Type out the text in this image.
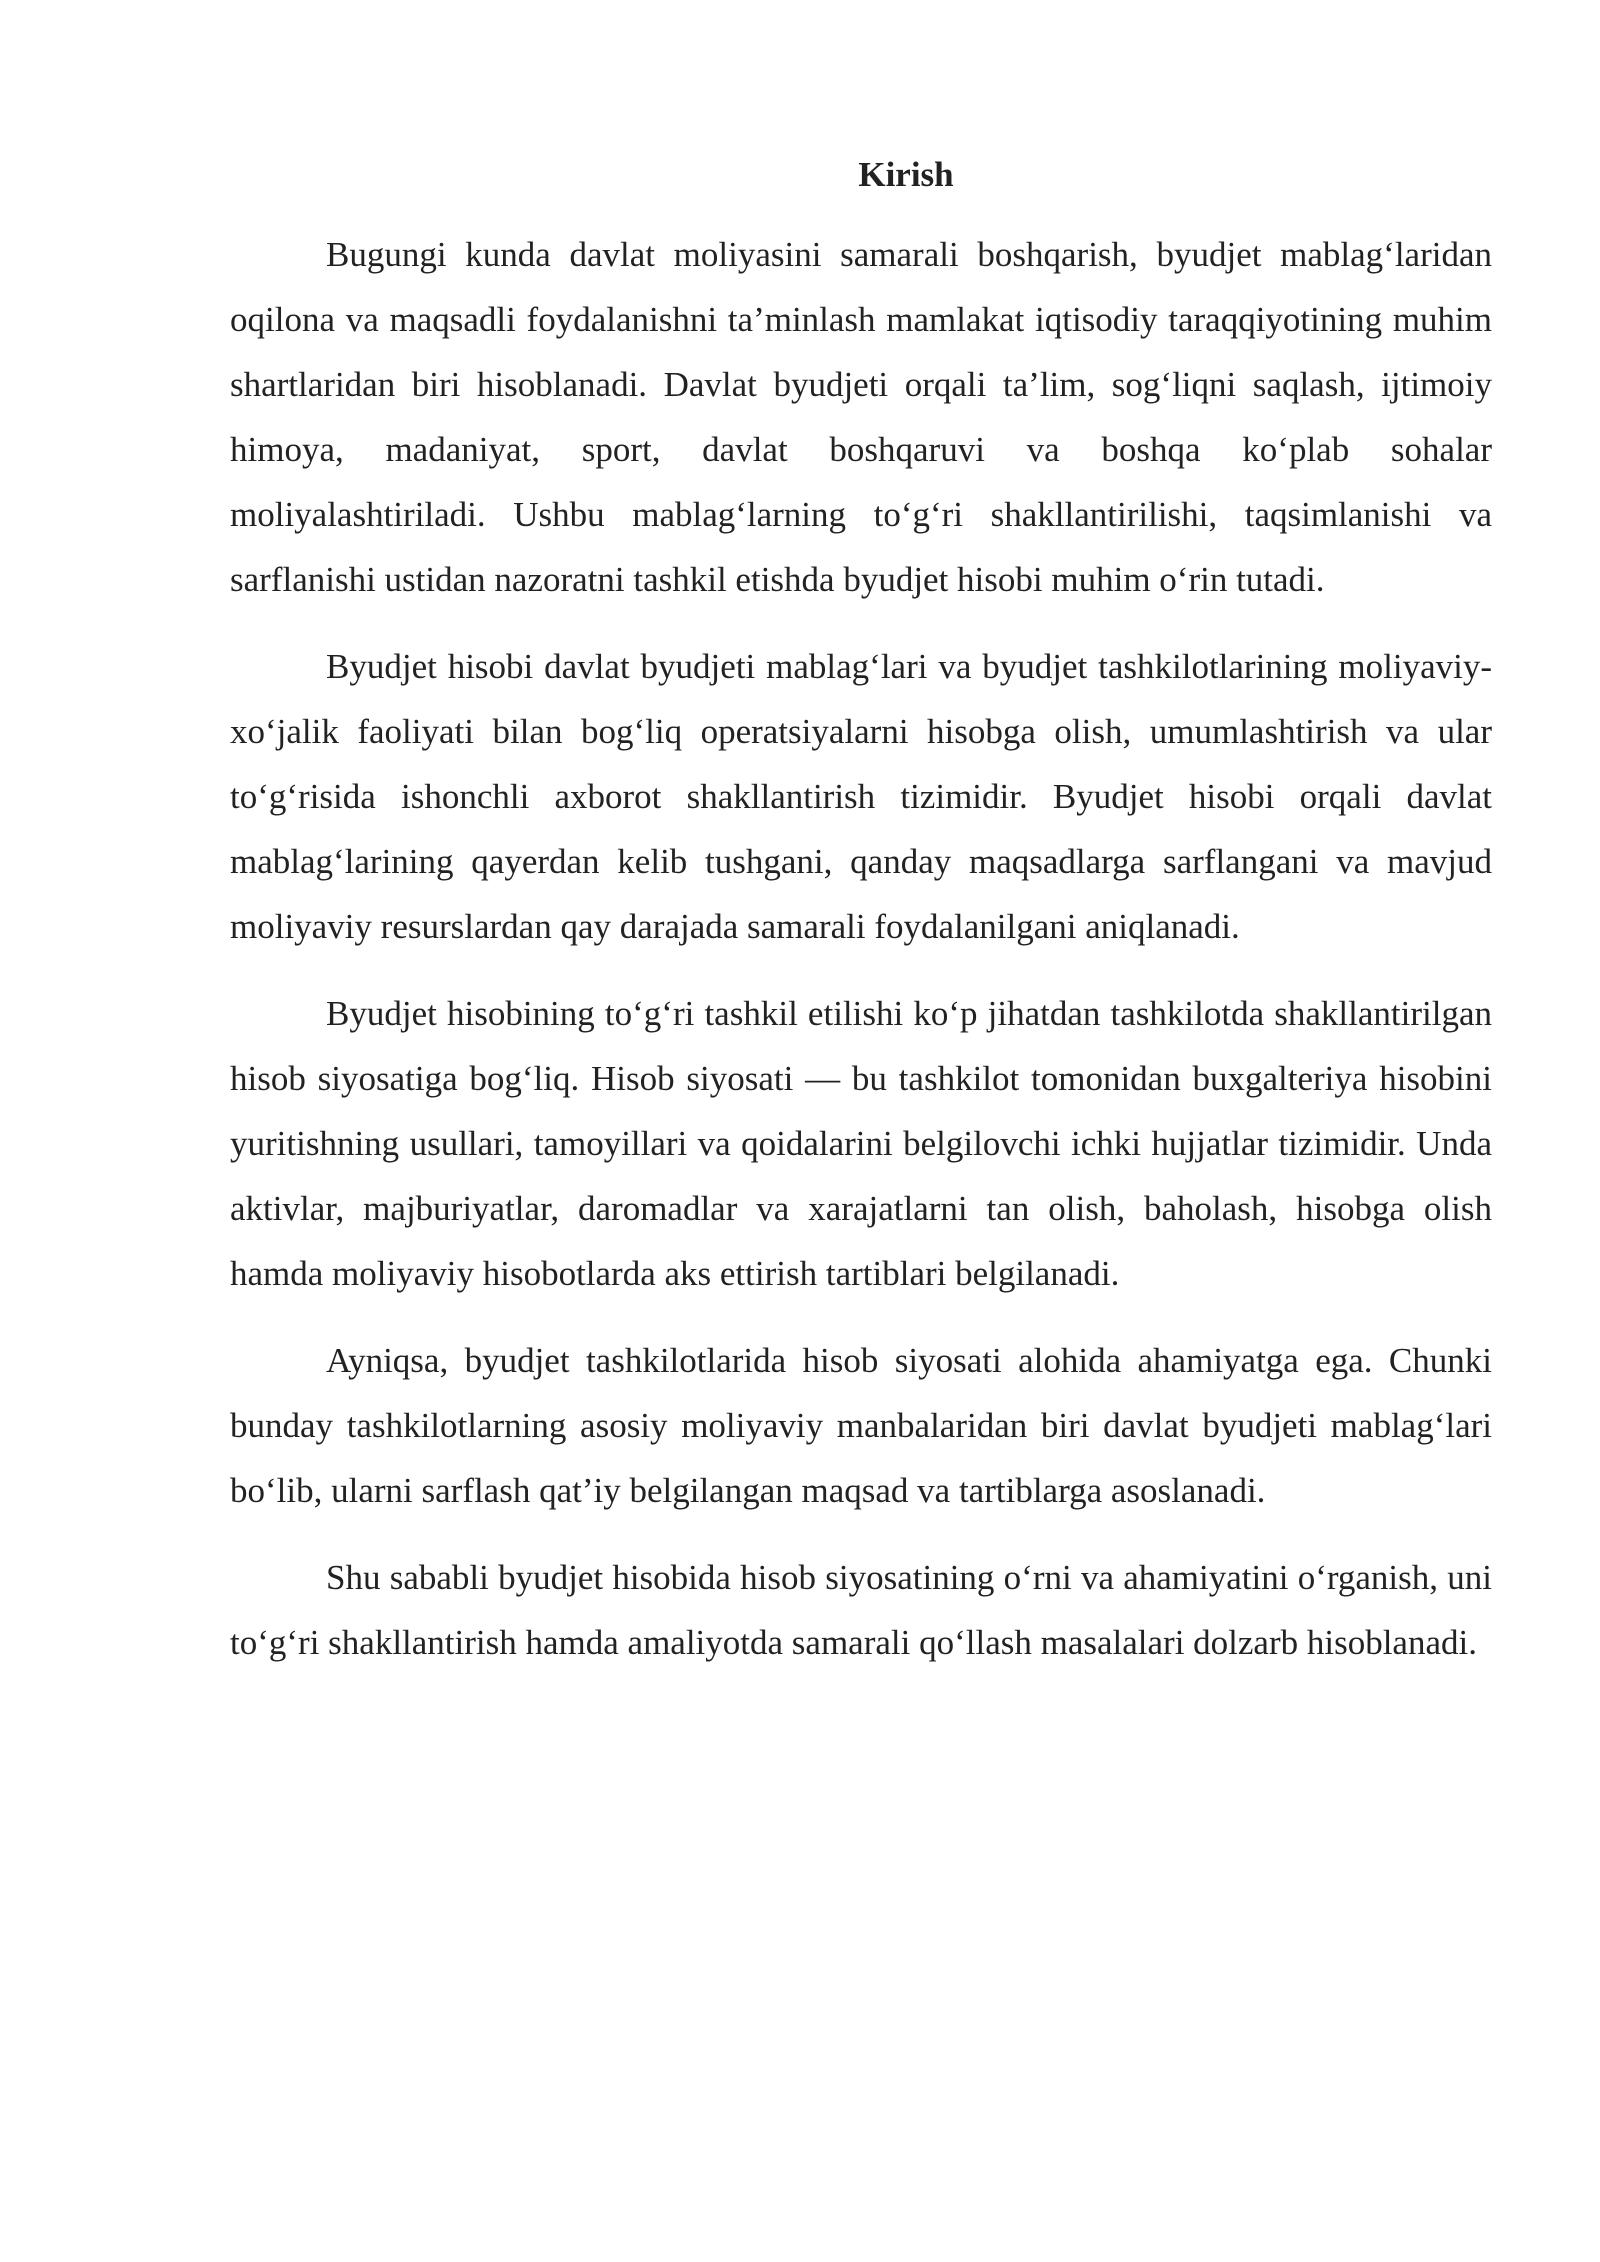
Kirish

Bugungi kunda davlat moliyasini samarali boshqarish, byudjet mablag‘laridan oqilona va maqsadli foydalanishni ta’minlash mamlakat iqtisodiy taraqqiyotining muhim shartlaridan biri hisoblanadi. Davlat byudjeti orqali ta’lim, sog‘liqni saqlash, ijtimoiy himoya, madaniyat, sport, davlat boshqaruvi va boshqa ko‘plab sohalar moliyalashtiriladi. Ushbu mablag‘larning to‘g‘ri shakllantirilishi, taqsimlanishi va sarflanishi ustidan nazoratni tashkil etishda byudjet hisobi muhim o‘rin tutadi.

Byudjet hisobi davlat byudjeti mablag‘lari va byudjet tashkilotlarining moliyaviy-xo‘jalik faoliyati bilan bog‘liq operatsiyalarni hisobga olish, umumlashtirish va ular to‘g‘risida ishonchli axborot shakllantirish tizimidir. Byudjet hisobi orqali davlat mablag‘larining qayerdan kelib tushgani, qanday maqsadlarga sarflangani va mavjud moliyaviy resurslardan qay darajada samarali foydalanilgani aniqlanadi.

Byudjet hisobining to‘g‘ri tashkil etilishi ko‘p jihatdan tashkilotda shakllantirilgan hisob siyosatiga bog‘liq. Hisob siyosati — bu tashkilot tomonidan buxgalteriya hisobini yuritishning usullari, tamoyillari va qoidalarini belgilovchi ichki hujjatlar tizimidir. Unda aktivlar, majburiyatlar, daromadlar va xarajatlarni tan olish, baholash, hisobga olish hamda moliyaviy hisobotlarda aks ettirish tartiblari belgilanadi.

Ayniqsa, byudjet tashkilotlarida hisob siyosati alohida ahamiyatga ega. Chunki bunday tashkilotlarning asosiy moliyaviy manbalaridan biri davlat byudjeti mablag‘lari bo‘lib, ularni sarflash qat’iy belgilangan maqsad va tartiblarga asoslanadi.

Shu sababli byudjet hisobida hisob siyosatining o‘rni va ahamiyatini o‘rganish, uni to‘g‘ri shakllantirish hamda amaliyotda samarali qo‘llash masalalari dolzarb hisoblanadi.
